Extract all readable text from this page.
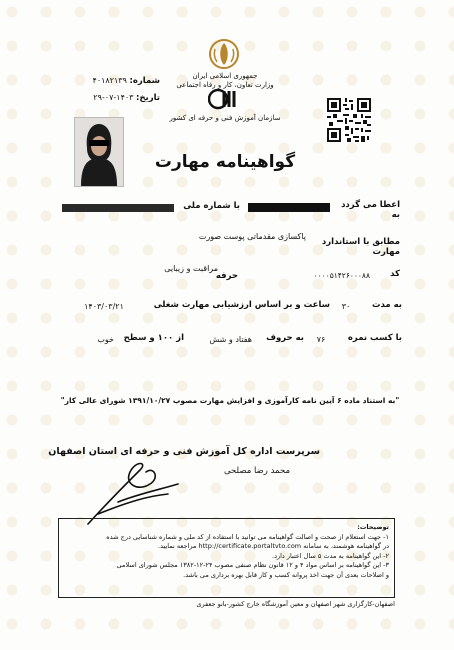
جمهوری اسلامی ایران
وزارت تعاون، کار و رفاه اجتماعی
سازمان آموزش فنی و حرفه ای کشور
شماره: ۴۰۱۸۲۱۳۹
تاریخ: ۱۴۰۳-۰۷-۲۹
گواهینامه مهارت
اعطا می گردد به
با شماره ملی
مطابق با استاندارد مهارت
پاکسازی مقدماتی پوست صورت
کد
۰۰۰۰۵۱۴۲۶۰۰۰۸۸
حرفه
مراقبت و زیبایی
به مدت
۳۰
ساعت و بر اساس ارزشیابی مهارت شغلی
۱۴۰۳/۰۳/۲۱
با کسب نمره
۷۶
به حروف
هفتاد و شش
از ۱۰۰ و سطح
خوب
"به استناد ماده ۶ آیین نامه کارآموزی و افزایش مهارت مصوب ۱۳۹۱/۱۰/۲۷ شورای عالی کار"
سرپرست اداره کل آموزش فنی و حرفه ای استان اصفهان
محمد رضا مصلحی
توضیحات:
۱- جهت استعلام از صحت و اصالت گواهینامه می توانید با استفاده از کد ملی و شماره شناسایی درج شده
در گواهینامه هوشمند، به سامانه http://certificate.portaltvto.com مراجعه نمایید.
۲- این گواهینامه به مدت ۵ سال اعتبار دارد.
۳- این گواهینامه بر اساس مواد ۴ و ۱۲ قانون نظام صنفی مصوب ۲۴-۱۲-۱۳۸۲ مجلس شورای اسلامی
و اصلاحات بعدی آن جهت اخذ پروانه کسب و کار قابل بهره برداری می باشد.
اصفهان-کارگزاری شهر اصفهان و معین آموزشگاه خارج کشور-بانو جعفری
